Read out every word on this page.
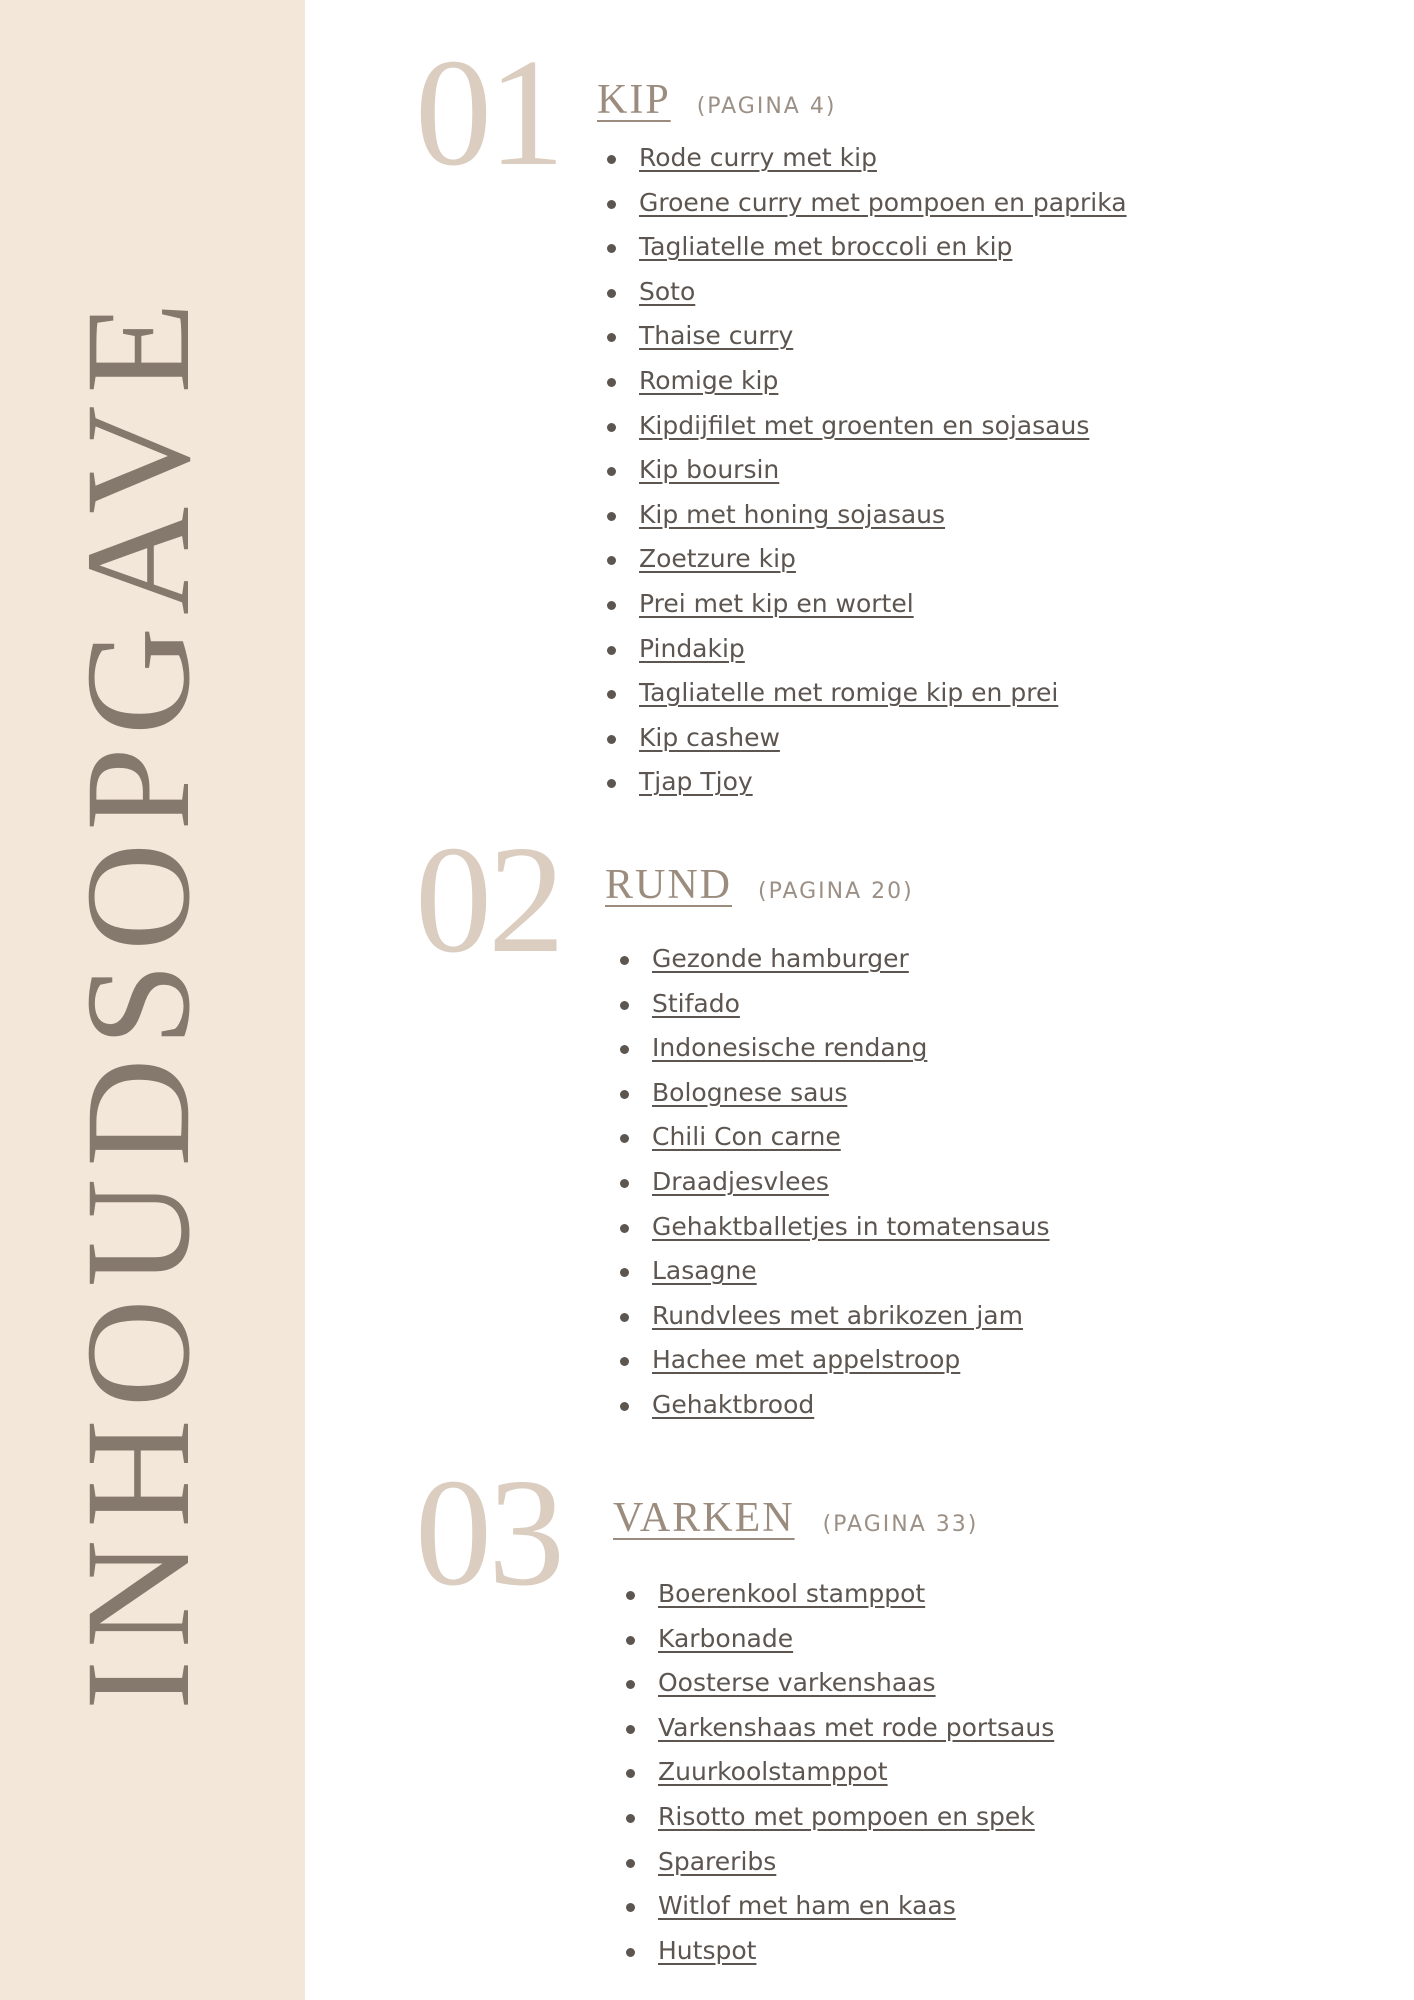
INHOUDSOPGAVE
01 KIP (PAGINA 4)
Rode curry met kip
Groene curry met pompoen en paprika
Tagliatelle met broccoli en kip
Soto
Thaise curry
Romige kip
Kipdijfilet met groenten en sojasaus
Kip boursin
Kip met honing sojasaus
Zoetzure kip
Prei met kip en wortel
Pindakip
Tagliatelle met romige kip en prei
Kip cashew
Tjap Tjoy
02 RUND (PAGINA 20)
Gezonde hamburger
Stifado
Indonesische rendang
Bolognese saus
Chili Con carne
Draadjesvlees
Gehaktballetjes in tomatensaus
Lasagne
Rundvlees met abrikozen jam
Hachee met appelstroop
Gehaktbrood
03 VARKEN (PAGINA 33)
Boerenkool stamppot
Karbonade
Oosterse varkenshaas
Varkenshaas met rode portsaus
Zuurkoolstamppot
Risotto met pompoen en spek
Spareribs
Witlof met ham en kaas
Hutspot
